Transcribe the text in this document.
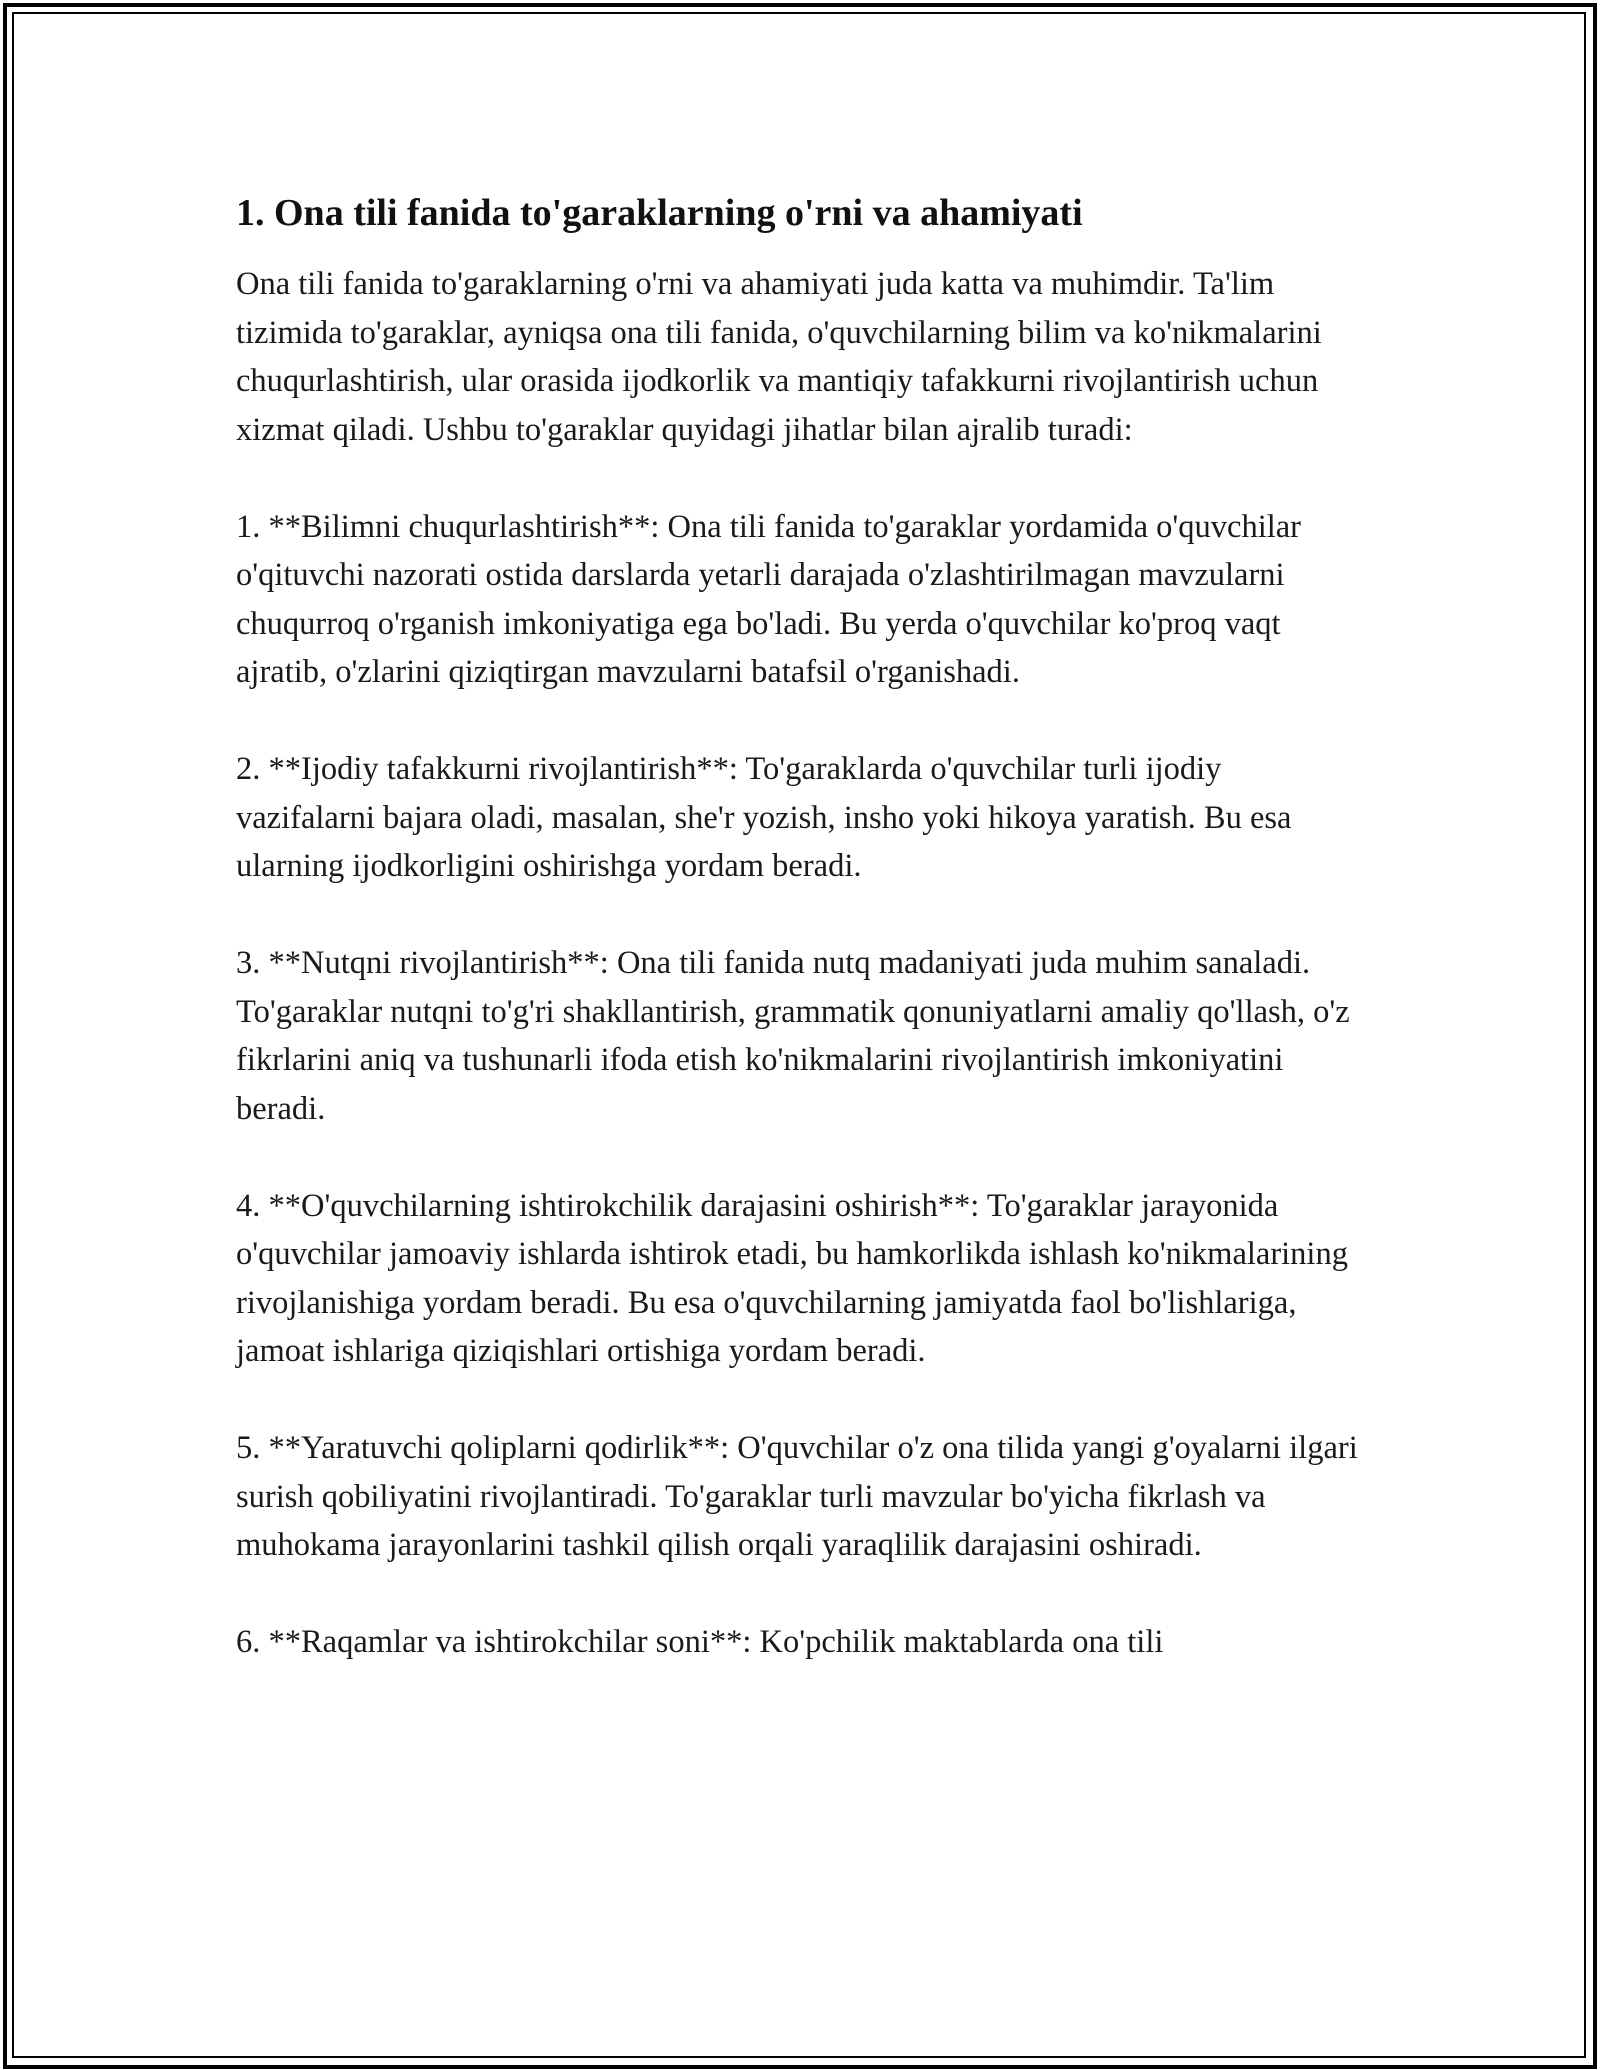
1. Ona tili fanida to'garaklarning o'rni va ahamiyati

Ona tili fanida to'garaklarning o'rni va ahamiyati juda katta va muhimdir. Ta'lim tizimida to'garaklar, ayniqsa ona tili fanida, o'quvchilarning bilim va ko'nikmalarini chuqurlashtirish, ular orasida ijodkorlik va mantiqiy tafakkurni rivojlantirish uchun xizmat qiladi. Ushbu to'garaklar quyidagi jihatlar bilan ajralib turadi:

1. **Bilimni chuqurlashtirish**: Ona tili fanida to'garaklar yordamida o'quvchilar o'qituvchi nazorati ostida darslarda yetarli darajada o'zlashtirilmagan mavzularni chuqurroq o'rganish imkoniyatiga ega bo'ladi. Bu yerda o'quvchilar ko'proq vaqt ajratib, o'zlarini qiziqtirgan mavzularni batafsil o'rganishadi.

2. **Ijodiy tafakkurni rivojlantirish**: To'garaklarda o'quvchilar turli ijodiy vazifalarni bajara oladi, masalan, she'r yozish, insho yoki hikoya yaratish. Bu esa ularning ijodkorligini oshirishga yordam beradi.

3. **Nutqni rivojlantirish**: Ona tili fanida nutq madaniyati juda muhim sanaladi. To'garaklar nutqni to'g'ri shakllantirish, grammatik qonuniyatlarni amaliy qo'llash, o'z fikrlarini aniq va tushunarli ifoda etish ko'nikmalarini rivojlantirish imkoniyatini beradi.

4. **O'quvchilarning ishtirokchilik darajasini oshirish**: To'garaklar jarayonida o'quvchilar jamoaviy ishlarda ishtirok etadi, bu hamkorlikda ishlash ko'nikmalarining rivojlanishiga yordam beradi. Bu esa o'quvchilarning jamiyatda faol bo'lishlariga, jamoat ishlariga qiziqishlari ortishiga yordam beradi.

5. **Yaratuvchi qoliplarni qodirlik**: O'quvchilar o'z ona tilida yangi g'oyalarni ilgari surish qobiliyatini rivojlantiradi. To'garaklar turli mavzular bo'yicha fikrlash va muhokama jarayonlarini tashkil qilish orqali yaraqlilik darajasini oshiradi.

6. **Raqamlar va ishtirokchilar soni**: Ko'pchilik maktablarda ona tili
